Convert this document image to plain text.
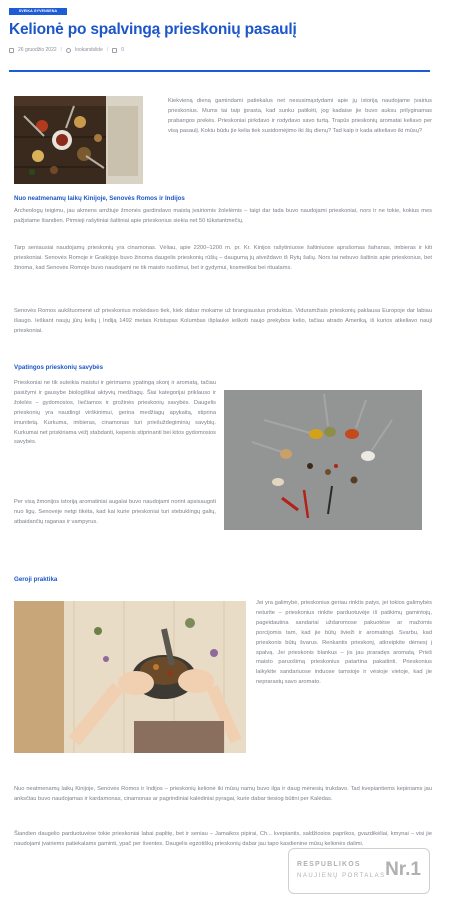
SVEIKA GYVENSENA
Kelionė po spalvingą prieskonių pasaulį
26 gruodžio 2022 /	lookandslide /	0

Kiekvieną dieną gamindami patiekalus net nesusimąstydami apie jų istoriją naudojame įvairius prieskonius. Mums tai taip įprasta, kad sunku patikėti, jog kadaise jie buvo auksu prilyginamas prabangos prekės. Prieskoniai pirkdavo ir rodydavo savo turtą. Trapūs prieskonių aromatai keliavo per visą pasaulį. Kokiu būdu jie kelia tiek susidomėjimo iki šių dienų? Tad kaip ir kada atkeliavo iki mūsų?

Nuo neatmenamų laikų Kinijoje, Senovės Romos ir Indijos

Archeologų teigimu, jau akmens amžiuje žmonės gardindavo maistą įvairiomis žolelėmis – taigi dar tada buvo naudojami prieskoniai, nors ir ne tokie, kokius mes pažįstame šiandien. Pirmieji rašytiniai šaltiniai apie prieskonius siekia net 50 tūkstantmečių.

Tarp seniausiai naudojamų prieskonių yra cinamonas. Vėliau, apie 2200–1200 m. pr. Kr. Kinijos rašytiniuose šaltiniuose aprašomas šafranas, imbieras ir kiti prieskoniai. Senovės Romoje ir Graikijoje buvo žinoma daugelis prieskonių rūšių – daugumą jų atveždavo iš Rytų šalių. Nors tai nebuvo šaltinis apie prieskonius, bet žinoma, kad Senovės Romoje buvo naudojami ne tik maisto ruošimui, bet ir gydymui, kosmetikai bei ritualams.

Senovės Romos aukštuomenė už prieskonius mokėdavo tiek, kiek dabar mokame už brangiausius produktus. Viduramžiais prieskonių paklausa Europoje dar labiau išaugo. Ieškant naujų jūrų kelių į Indiją 1492 metais Kristupas Kolumbas išplaukė ieškoti naujo prekybos kelio, tačiau atrado Ameriką, iš kurios atkeliavo nauji prieskoniai.

Vpatingos prieskonių savybės

Prieskoniai ne tik suteikia maistui ir gėrimams ypatingą skonį ir aromatą, tačiau pasižymi ir gausybe biologiškai aktyvių medžiagų. Šiai kategorijai priklauso ir žolelės – gydomosios, liečiamos ir grožinės prieskonių savybės. Daugelis prieskonių yra naudingi virškinimui, gerina medžiagų apykaitą, stiprina imunitetą. Kurkuma, imbieras, cinamonas turi priešuždegiminių savybių. Kurkumai net priskiriama vėžį stabdanti, kepenis stiprinanti bei kitos gydomosios savybės.

Per visą žmonijos istoriją aromatiniai augalai buvo naudojami norint apsisaugoti nuo ligų. Senovėje netgi tikėta, kad kai kurie prieskoniai turi stebuklingų galių, atbaidančių raganas ir vampyrus.

Geroji praktika

Jei yra galimybė, prieskonius geriau rinktis patys, jei tokios galimybės neturite – prieskonius rinkite parduotuvėje iš patikimų gamintojų, pageidautina sandariai uždaromose pakuotėse ar mažomis porcijomis tam, kad jie būtų švieži ir aromatingi. Svarbu, kad prieskonis būtų švarus. Renkantis prieskonį, atkreipkite dėmesį į spalvą. Jei prieskonis blankus – jis jau praradęs aromatą. Prieš maisto paruošimą prieskonius patartina pakaitinti. Prieskonius laikykite sandariuose induose tamsioje ir vėsioje vietoje, kad jie neprarastų savo aromato.

Nuo neatmenamų laikų Kinijoje, Senovės Romos ir Indijos – prieskonių kelionė iki mūsų namų buvo ilga ir daug mėnesių trukdavo. Tad kvepiantiems kepiniams jau anksčiau buvo naudojamas ir kardamonas, cinamonas ar pagrindiniai kalėdiniai pyragai, kurie dabar tiesiog būtini per Kalėdas.

Šiandien daugelio parduotuvėse tokie prieskoniai labai paplitę, bet ir seniau – Jamaikos pipirai, Ch... kvepiantis, saldžiosios paprikos, gvazdikėliai, kmynai – visi jie naudojami įvairiems patiekalams gaminti, ypač per šventes. Daugelis egzotiškų prieskonių dabar jau tapo kasdienine mūsų kelionės dalimi.

RESPUBLIKOS
NAUJIENŲ PORTALAS Nr.1
